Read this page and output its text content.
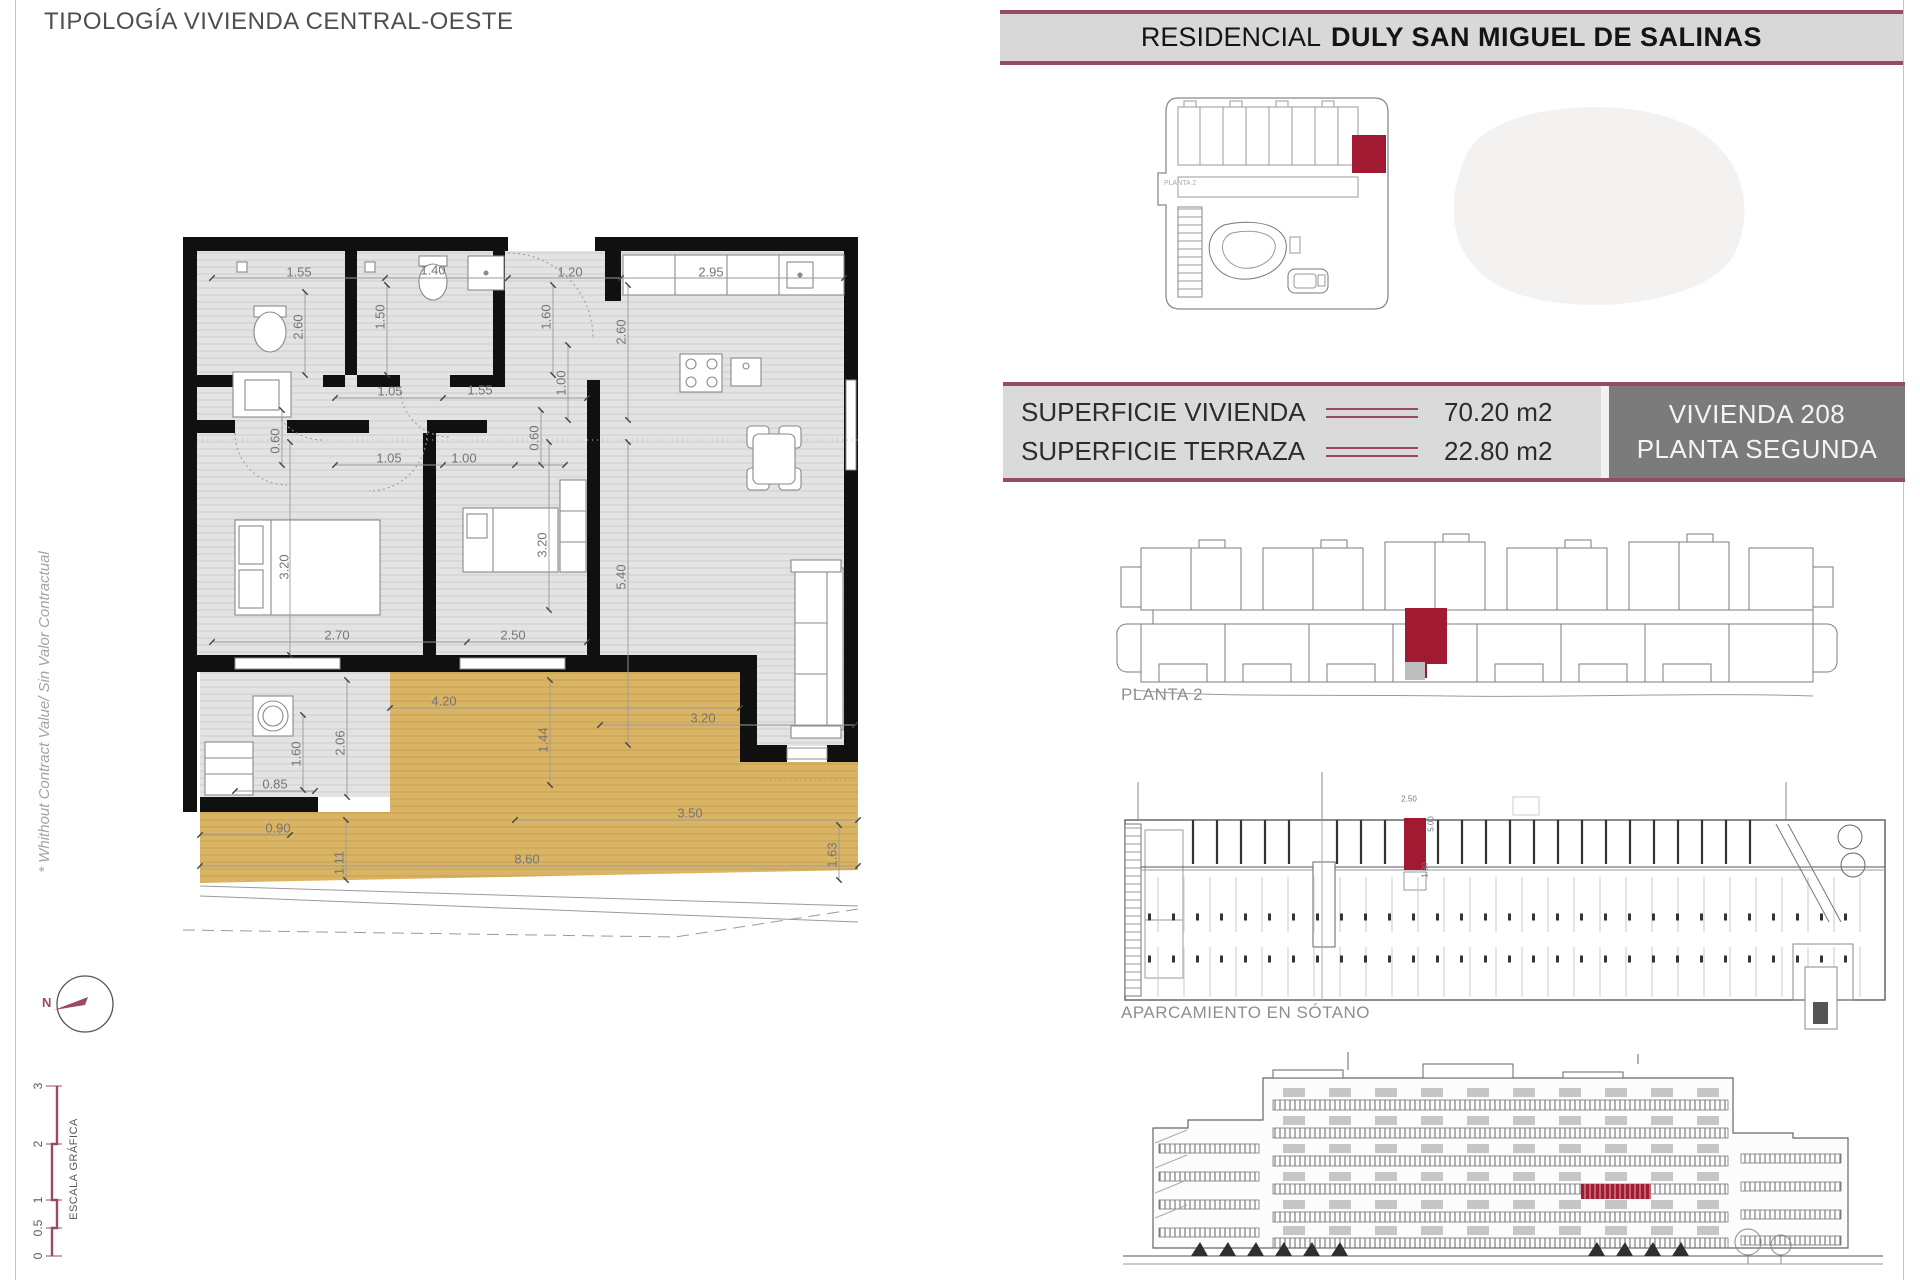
TIPOLOGÍA VIVIENDA CENTRAL-OESTE
RESIDENCIAL DULY SAN MIGUEL DE SALINAS
1.55	1.40	1.20	2.95
2.60	1.50	1.60
2.60
1.05	1.55	1.00
0.60
1.05	1.00
0.60
3.20
3.20
5.40
2.70	2.50
4.20
3.20
2.06	1.44
1.60
0.85
0.90
1.11	8.60
3.50
1.63
PLANTA 2
SUPERFICIE VIVIENDA	70.20 m2
SUPERFICIE TERRAZA	22.80 m2
VIVIENDA 208
PLANTA SEGUNDA
PLANTA 2
APARCAMIENTO EN SÓTANO
2.50
5.00
1.80
* Whithout Contract Value/ Sin Valor Contractual
N
3
2
1
0.5
0
ESCALA GRÁFICA
